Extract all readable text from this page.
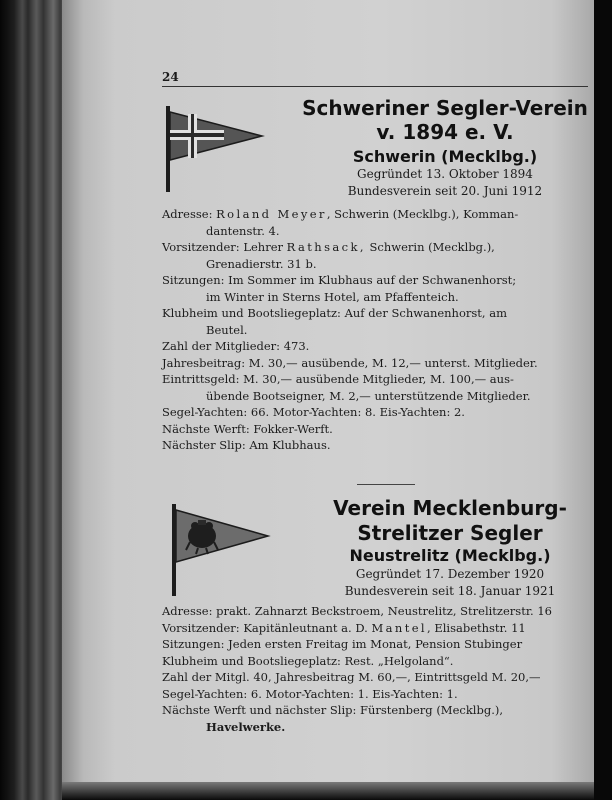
24
Schweriner Segler-Verein
v. 1894 e. V.
Schwerin (Mecklbg.)
Gegründet 13. Oktober 1894
Bundesverein seit 20. Juni 1912
Adresse: Roland Meyer, Schwerin (Mecklbg.), Komman-
dantenstr. 4.
Vorsitzender: Lehrer Rathsack, Schwerin (Mecklbg.),
Grenadierstr. 31 b.
Sitzungen: Im Sommer im Klubhaus auf der Schwanenhorst;
im Winter in Sterns Hotel, am Pfaffenteich.
Klubheim und Bootsliegeplatz: Auf der Schwanenhorst, am
Beutel.
Zahl der Mitglieder: 473.
Jahresbeitrag: M. 30,— ausübende, M. 12,— unterst. Mitglieder.
Eintrittsgeld: M. 30,— ausübende Mitglieder, M. 100,— aus-
übende Bootseigner, M. 2,— unterstützende Mitglieder.
Segel-Yachten: 66. Motor-Yachten: 8. Eis-Yachten: 2.
Nächste Werft: Fokker-Werft.
Nächster Slip: Am Klubhaus.
Verein Mecklenburg-
Strelitzer Segler
Neustrelitz (Mecklbg.)
Gegründet 17. Dezember 1920
Bundesverein seit 18. Januar 1921
Adresse: prakt. Zahnarzt Beckstroem, Neustrelitz, Strelitzerstr. 16
Vorsitzender: Kapitänleutnant a. D. Mantel, Elisabethstr. 11
Sitzungen: Jeden ersten Freitag im Monat, Pension Stubinger
Klubheim und Bootsliegeplatz: Rest. „Helgoland“.
Zahl der Mitgl. 40, Jahresbeitrag M. 60,—, Eintrittsgeld M. 20,—
Segel-Yachten: 6. Motor-Yachten: 1. Eis-Yachten: 1.
Nächste Werft und nächster Slip: Fürstenberg (Mecklbg.),
Havelwerke.
